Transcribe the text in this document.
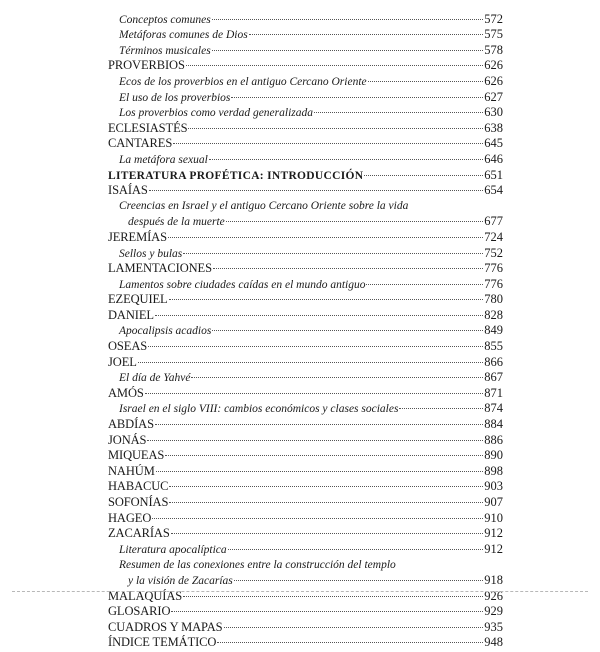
Conceptos comunes	572
Metáforas comunes de Dios	575
Términos musicales	578
PROVERBIOS	626
Ecos de los proverbios en el antiguo Cercano Oriente	626
El uso de los proverbios	627
Los proverbios como verdad generalizada	630
ECLESIASTÉS	638
CANTARES	645
La metáfora sexual	646
LITERATURA PROFÉTICA: INTRODUCCIÓN	651
ISAÍAS	654
Creencias en Israel y el antiguo Cercano Oriente sobre la vida
después de la muerte	677
JEREMÍAS	724
Sellos y bulas	752
LAMENTACIONES	776
Lamentos sobre ciudades caídas en el mundo antiguo	776
EZEQUIEL	780
DANIEL	828
Apocalipsis acadios	849
OSEAS	855
JOEL	866
El día de Yahvé	867
AMÓS	871
Israel en el siglo VIII: cambios económicos y clases sociales	874
ABDÍAS	884
JONÁS	886
MIQUEAS	890
NAHÚM	898
HABACUC	903
SOFONÍAS	907
HAGEO	910
ZACARÍAS	912
Literatura apocalíptica	912
Resumen de las conexiones entre la construcción del templo
y la visión de Zacarías	918
MALAQUÍAS	926
GLOSARIO	929
CUADROS Y MAPAS	935
ÍNDICE TEMÁTICO	948
